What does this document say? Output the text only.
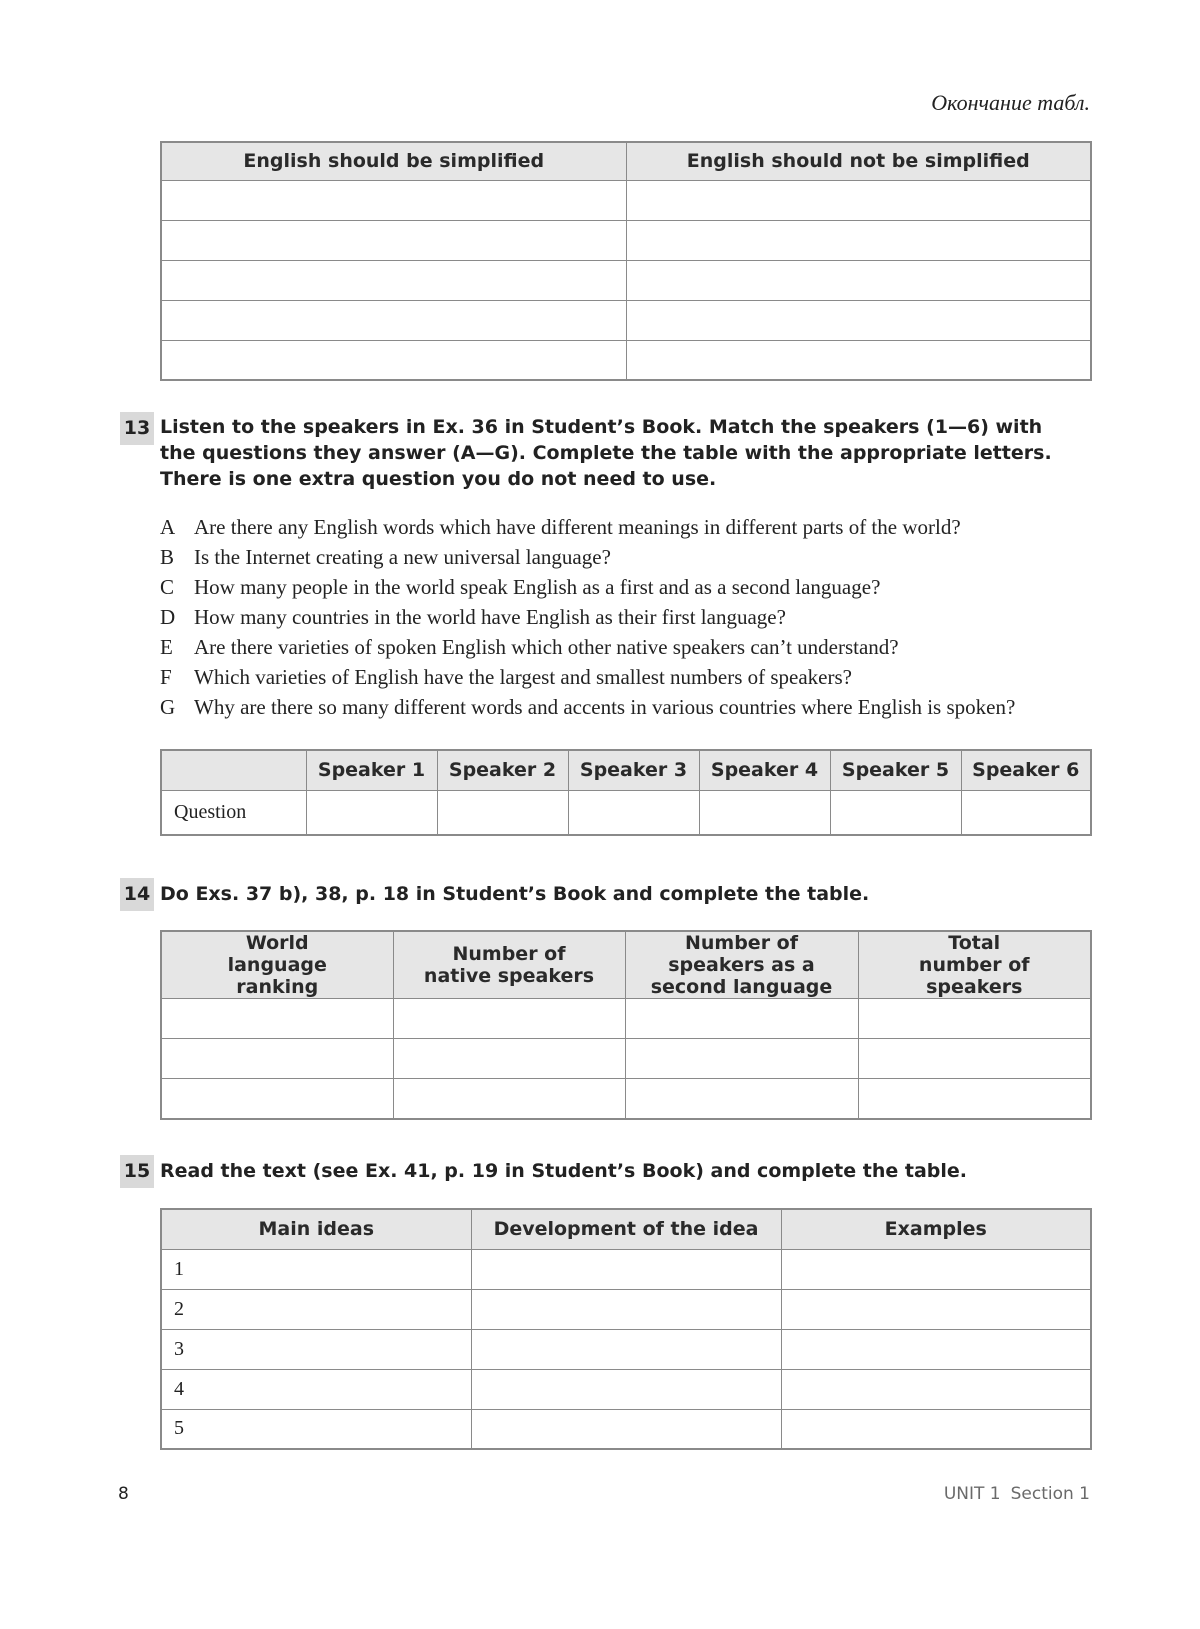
Окончание табл.
English should be simplified	English should not be simplified

13 Listen to the speakers in Ex. 36 in Student’s Book. Match the speakers (1—6) with the questions they answer (A—G). Complete the table with the appropriate letters. There is one extra question you do not need to use.
A Are there any English words which have different meanings in different parts of the world?
B Is the Internet creating a new universal language?
C How many people in the world speak English as a first and as a second language?
D How many countries in the world have English as their first language?
E Are there varieties of spoken English which other native speakers can’t understand?
F Which varieties of English have the largest and smallest numbers of speakers?
G Why are there so many different words and accents in various countries where English is spoken?
	Speaker 1	Speaker 2	Speaker 3	Speaker 4	Speaker 5	Speaker 6
Question						
14 Do Exs. 37 b), 38, p. 18 in Student’s Book and complete the table.
World language ranking	Number of native speakers	Number of speakers as a second language	Total number of speakers

15 Read the text (see Ex. 41, p. 19 in Student’s Book) and complete the table.
Main ideas	Development of the idea	Examples
1		
2		
3		
4		
5		
8	UNIT 1 Section 1
